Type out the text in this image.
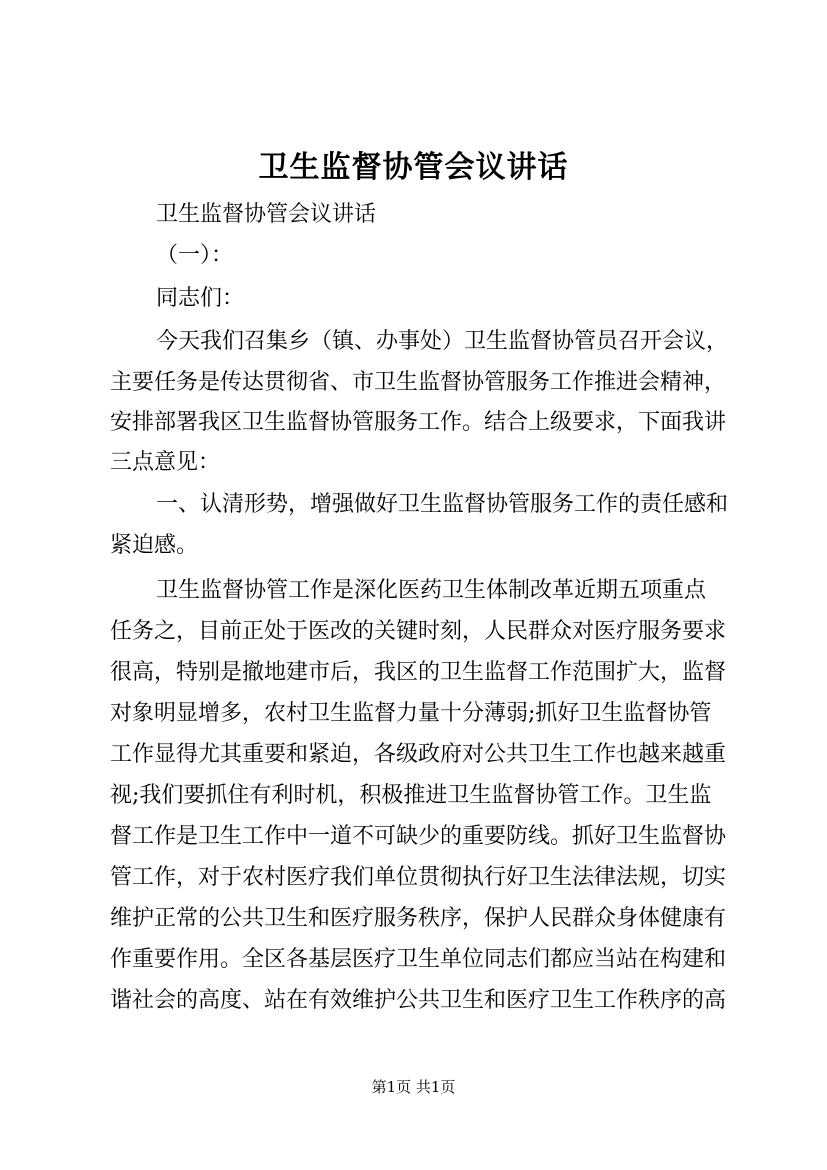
卫生监督协管会议讲话
卫生监督协管会议讲话
（一）：
同志们：
今天我们召集乡（镇、办事处）卫生监督协管员召开会议，
主要任务是传达贯彻省、市卫生监督协管服务工作推进会精神，
安排部署我区卫生监督协管服务工作。结合上级要求，下面我讲
三点意见：
一、认清形势，增强做好卫生监督协管服务工作的责任感和
紧迫感。
卫生监督协管工作是深化医药卫生体制改革近期五项重点
任务之，目前正处于医改的关键时刻，人民群众对医疗服务要求
很高，特别是撤地建市后，我区的卫生监督工作范围扩大，监督
对象明显增多，农村卫生监督力量十分薄弱;抓好卫生监督协管
工作显得尤其重要和紧迫，各级政府对公共卫生工作也越来越重
视;我们要抓住有利时机，积极推进卫生监督协管工作。卫生监
督工作是卫生工作中一道不可缺少的重要防线。抓好卫生监督协
管工作，对于农村医疗我们单位贯彻执行好卫生法律法规，切实
维护正常的公共卫生和医疗服务秩序，保护人民群众身体健康有
作重要作用。全区各基层医疗卫生单位同志们都应当站在构建和
谐社会的高度、站在有效维护公共卫生和医疗卫生工作秩序的高
第1页 共1页
